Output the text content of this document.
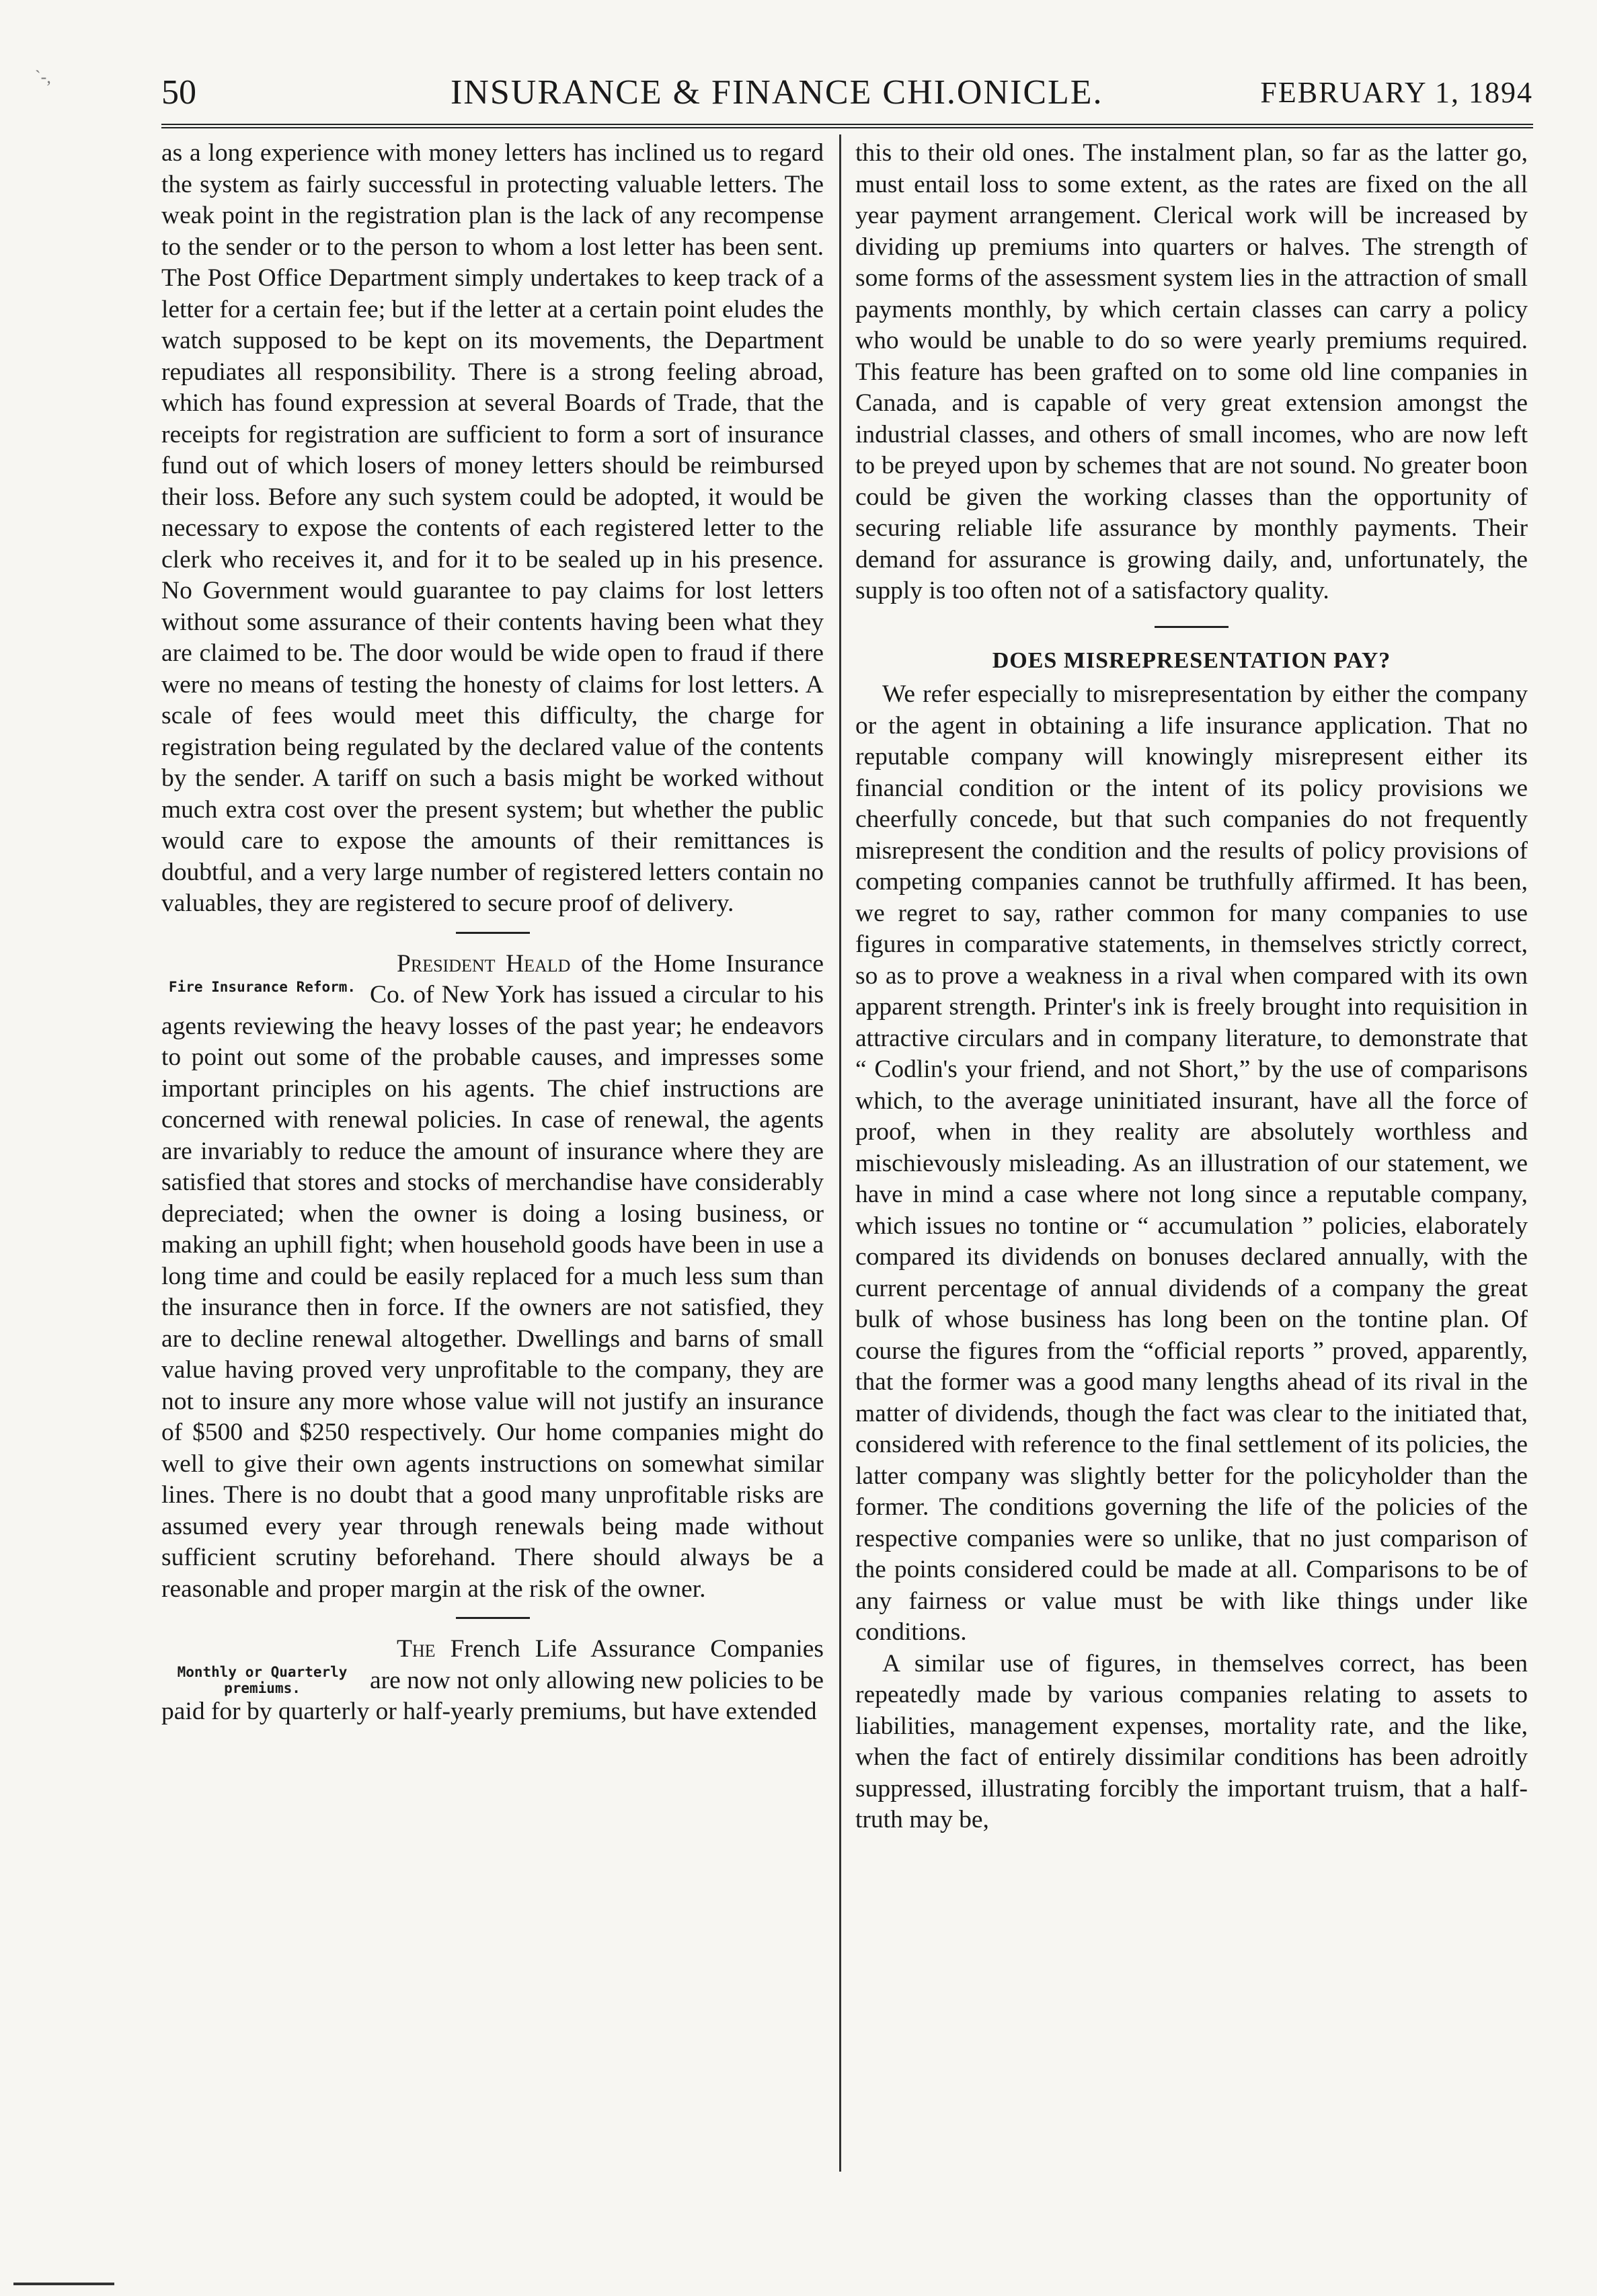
`-,	50	INSURANCE & FINANCE CHI.ONICLE.	FEBRUARY 1, 1894

as a long experience with money letters has inclined us to regard the system as fairly successful in protecting valuable letters. The weak point in the registration plan is the lack of any recompense to the sender or to the person to whom a lost letter has been sent. The Post Office Department simply undertakes to keep track of a letter for a certain fee; but if the letter at a certain point eludes the watch supposed to be kept on its movements, the Department repudiates all responsibility. There is a strong feeling abroad, which has found expression at several Boards of Trade, that the receipts for registration are sufficient to form a sort of insurance fund out of which losers of money letters should be reimbursed their loss. Before any such system could be adopted, it would be necessary to expose the contents of each registered letter to the clerk who receives it, and for it to be sealed up in his presence. No Government would guarantee to pay claims for lost letters without some assurance of their contents having been what they are claimed to be. The door would be wide open to fraud if there were no means of testing the honesty of claims for lost letters. A scale of fees would meet this difficulty, the charge for registration being regulated by the declared value of the contents by the sender. A tariff on such a basis might be worked without much extra cost over the present system; but whether the public would care to expose the amounts of their remittances is doubtful, and a very large number of registered letters contain no valuables, they are registered to secure proof of delivery.

Fire Insurance Reform.

President Heald of the Home Insurance Co. of New York has issued a circular to his agents reviewing the heavy losses of the past year; he endeavors to point out some of the probable causes, and impresses some important principles on his agents. The chief instructions are concerned with renewal policies. In case of renewal, the agents are invariably to reduce the amount of insurance where they are satisfied that stores and stocks of merchandise have considerably depreciated; when the owner is doing a losing business, or making an uphill fight; when household goods have been in use a long time and could be easily replaced for a much less sum than the insurance then in force. If the owners are not satisfied, they are to decline renewal altogether. Dwellings and barns of small value having proved very unprofitable to the company, they are not to insure any more whose value will not justify an insurance of $500 and $250 respectively. Our home companies might do well to give their own agents instructions on somewhat similar lines. There is no doubt that a good many unprofitable risks are assumed every year through renewals being made without sufficient scrutiny beforehand. There should always be a reasonable and proper margin at the risk of the owner.

Monthly or Quarterly premiums.

The French Life Assurance Companies are now not only allowing new policies to be paid for by quarterly or half-yearly premiums, but have extended

this to their old ones. The instalment plan, so far as the latter go, must entail loss to some extent, as the rates are fixed on the all year payment arrangement. Clerical work will be increased by dividing up premiums into quarters or halves. The strength of some forms of the assessment system lies in the attraction of small payments monthly, by which certain classes can carry a policy who would be unable to do so were yearly premiums required. This feature has been grafted on to some old line companies in Canada, and is capable of very great extension amongst the industrial classes, and others of small incomes, who are now left to be preyed upon by schemes that are not sound. No greater boon could be given the working classes than the opportunity of securing reliable life assurance by monthly payments. Their demand for assurance is growing daily, and, unfortunately, the supply is too often not of a satisfactory quality.

DOES MISREPRESENTATION PAY?

We refer especially to misrepresentation by either the company or the agent in obtaining a life insurance application. That no reputable company will knowingly misrepresent either its financial condition or the intent of its policy provisions we cheerfully concede, but that such companies do not frequently misrepresent the condition and the results of policy provisions of competing companies cannot be truthfully affirmed. It has been, we regret to say, rather common for many companies to use figures in comparative statements, in themselves strictly correct, so as to prove a weakness in a rival when compared with its own apparent strength. Printer's ink is freely brought into requisition in attractive circulars and in company literature, to demonstrate that “ Codlin's your friend, and not Short,” by the use of comparisons which, to the average uninitiated insurant, have all the force of proof, when in they reality are absolutely worthless and mischievously misleading. As an illustration of our statement, we have in mind a case where not long since a reputable company, which issues no tontine or “ accumulation ” policies, elaborately compared its dividends on bonuses declared annually, with the current percentage of annual dividends of a company the great bulk of whose business has long been on the tontine plan. Of course the figures from the “official reports ” proved, apparently, that the former was a good many lengths ahead of its rival in the matter of dividends, though the fact was clear to the initiated that, considered with reference to the final settlement of its policies, the latter company was slightly better for the policyholder than the former. The conditions governing the life of the policies of the respective companies were so unlike, that no just comparison of the points considered could be made at all. Comparisons to be of any fairness or value must be with like things under like conditions.

A similar use of figures, in themselves correct, has been repeatedly made by various companies relating to assets to liabilities, management expenses, mortality rate, and the like, when the fact of entirely dissimilar conditions has been adroitly suppressed, illustrating forcibly the important truism, that a half-truth may be,
